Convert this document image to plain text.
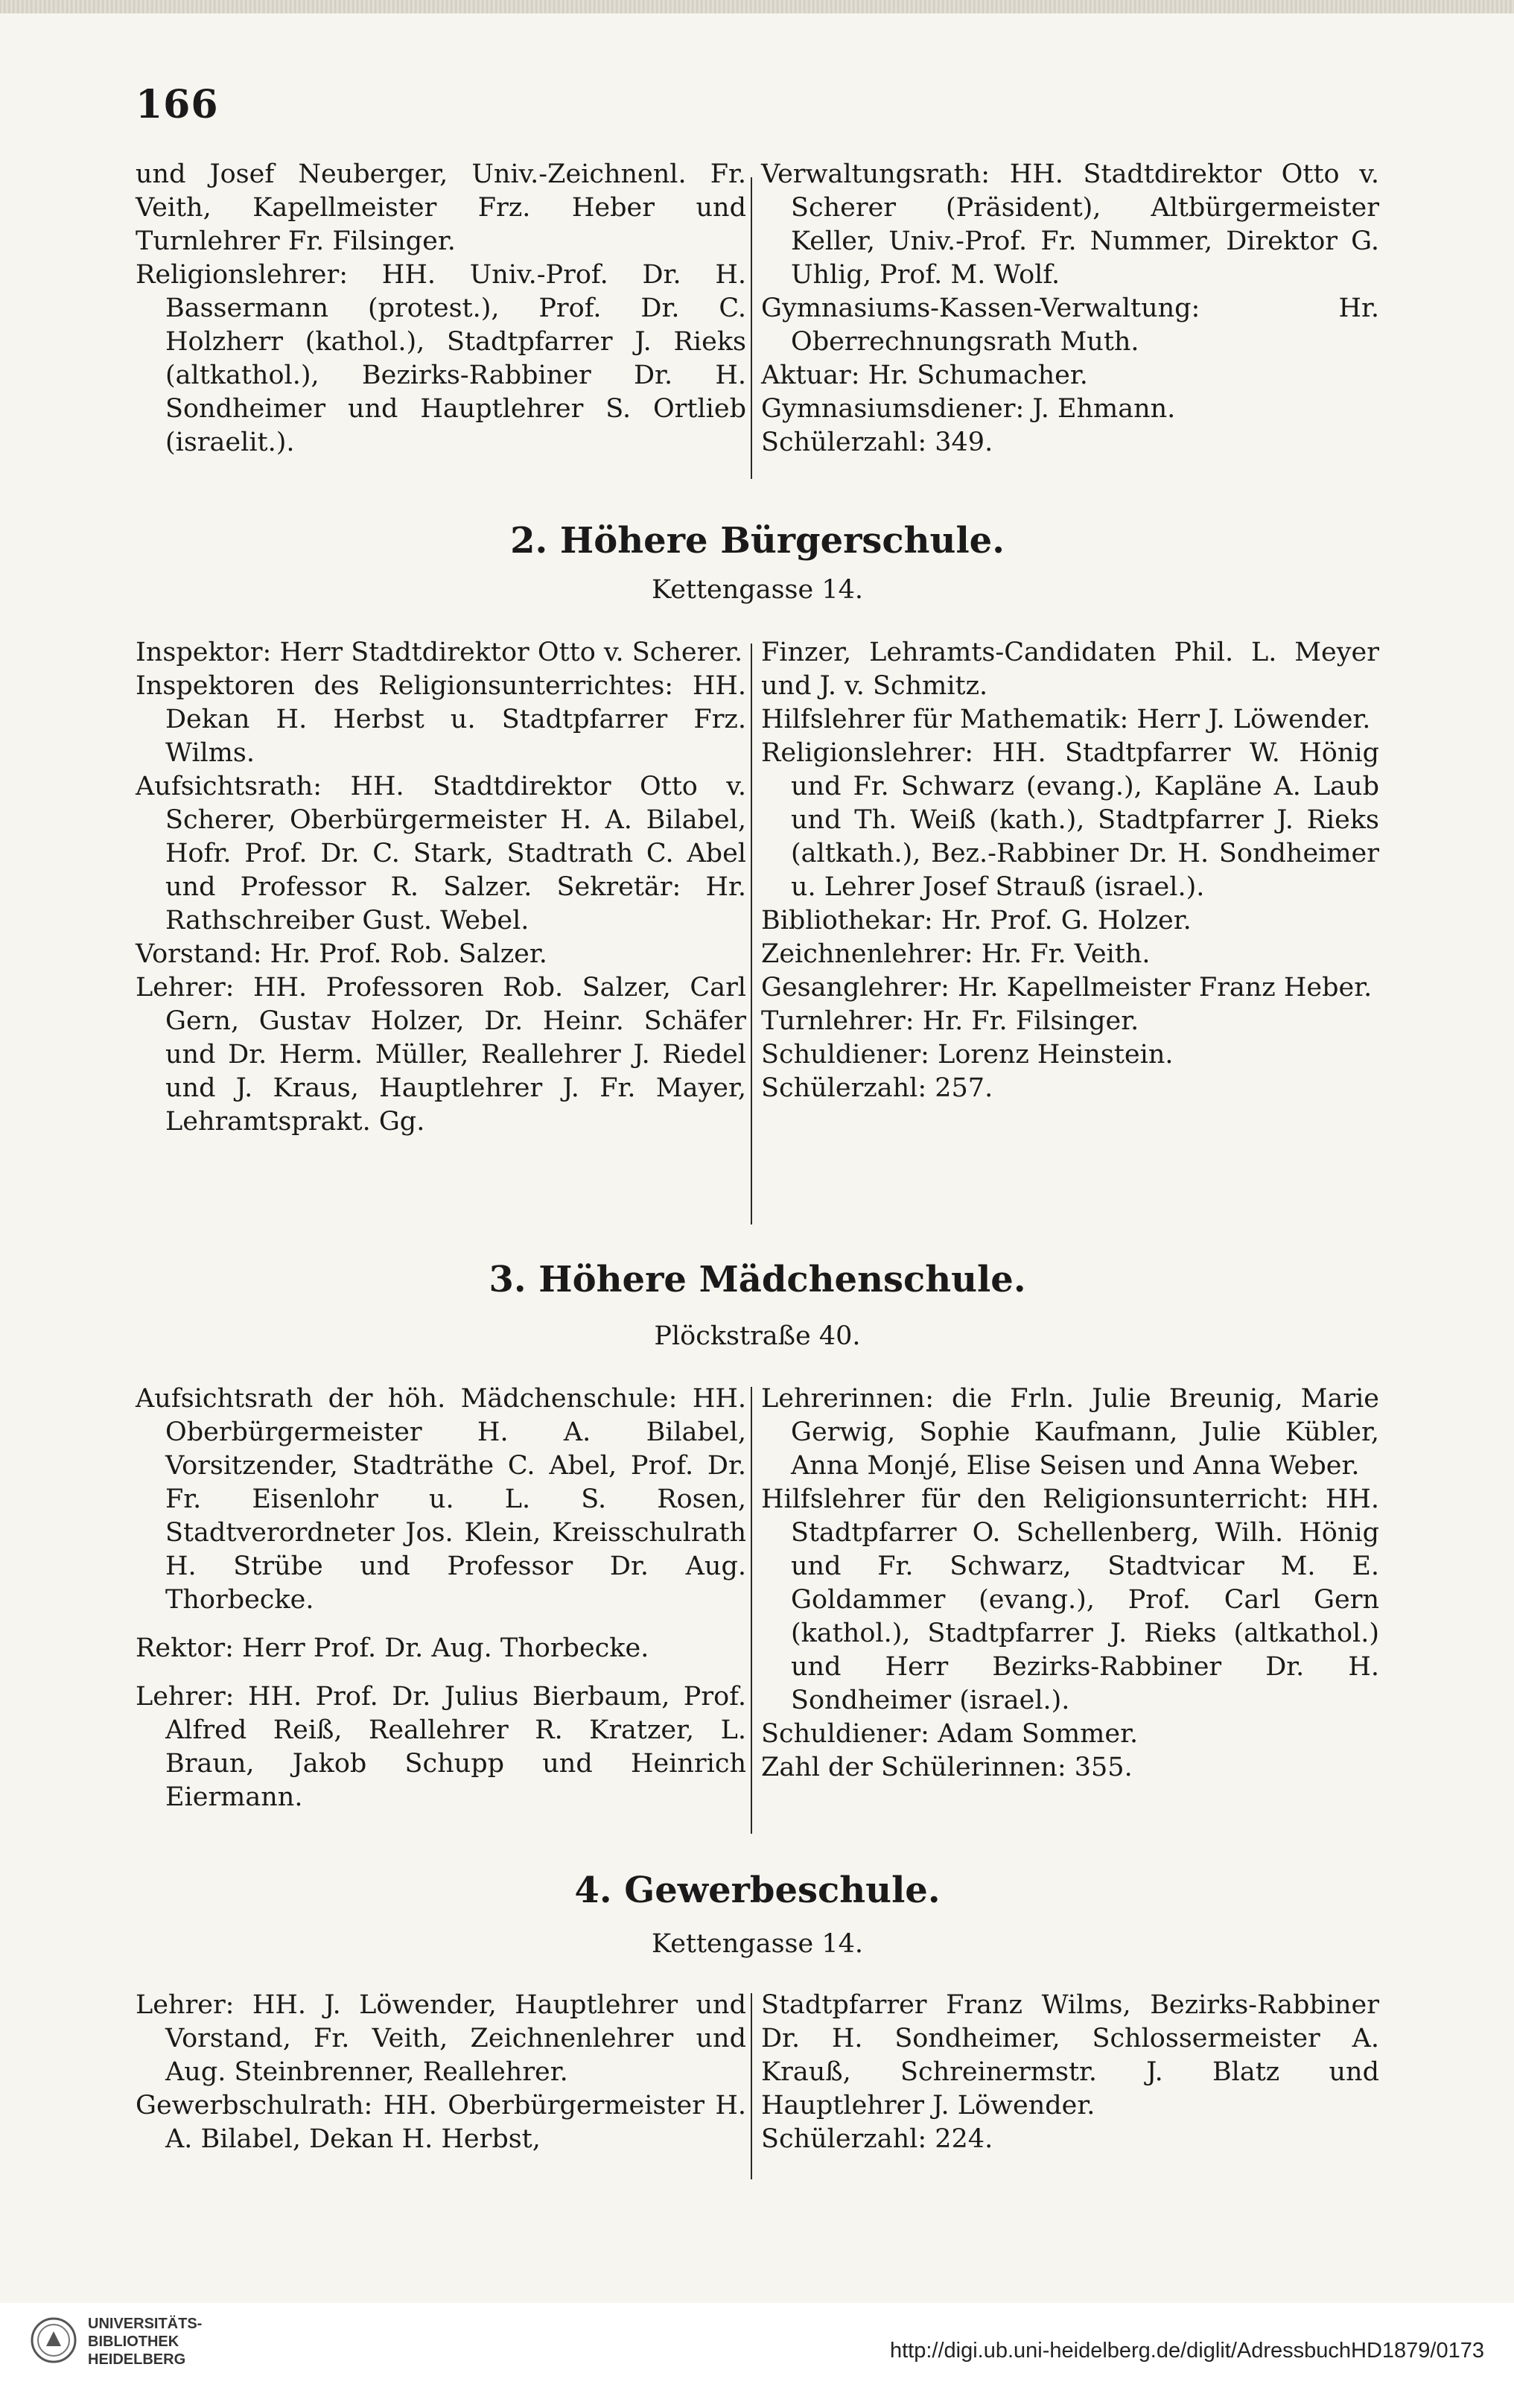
166

und Josef Neuberger, Univ.-Zeichnenl. Fr. Veith, Kapellmeister Frz. Heber und Turnlehrer Fr. Filsinger.

Religionslehrer: HH. Univ.-Prof. Dr. H. Bassermann (protest.), Prof. Dr. C. Holzherr (kathol.), Stadtpfarrer J. Rieks (altkathol.), Bezirks-Rabbiner Dr. H. Sondheimer und Hauptlehrer S. Ortlieb (israelit.).

Verwaltungsrath: HH. Stadtdirektor Otto v. Scherer (Präsident), Altbürgermeister Keller, Univ.-Prof. Fr. Nummer, Direktor G. Uhlig, Prof. M. Wolf.

Gymnasiums-Kassen-Verwaltung: Hr. Oberrechnungsrath Muth.

Aktuar: Hr. Schumacher.

Gymnasiumsdiener: J. Ehmann.

Schülerzahl: 349.

2. Höhere Bürgerschule.
Kettengasse 14.

Inspektor: Herr Stadtdirektor Otto v. Scherer.

Inspektoren des Religionsunterrichtes: HH. Dekan H. Herbst u. Stadtpfarrer Frz. Wilms.

Aufsichtsrath: HH. Stadtdirektor Otto v. Scherer, Oberbürgermeister H. A. Bilabel, Hofr. Prof. Dr. C. Stark, Stadtrath C. Abel und Professor R. Salzer. Sekretär: Hr. Rathschreiber Gust. Webel.

Vorstand: Hr. Prof. Rob. Salzer.

Lehrer: HH. Professoren Rob. Salzer, Carl Gern, Gustav Holzer, Dr. Heinr. Schäfer und Dr. Herm. Müller, Reallehrer J. Riedel und J. Kraus, Hauptlehrer J. Fr. Mayer, Lehramtsprakt. Gg.

Finzer, Lehramts-Candidaten Phil. L. Meyer und J. v. Schmitz.

Hilfslehrer für Mathematik: Herr J. Löwender.

Religionslehrer: HH. Stadtpfarrer W. Hönig und Fr. Schwarz (evang.), Kapläne A. Laub und Th. Weiß (kath.), Stadtpfarrer J. Rieks (altkath.), Bez.-Rabbiner Dr. H. Sondheimer u. Lehrer Josef Strauß (israel.).

Bibliothekar: Hr. Prof. G. Holzer.

Zeichnenlehrer: Hr. Fr. Veith.

Gesanglehrer: Hr. Kapellmeister Franz Heber.

Turnlehrer: Hr. Fr. Filsinger.

Schuldiener: Lorenz Heinstein.

Schülerzahl: 257.

3. Höhere Mädchenschule.
Plöckstraße 40.

Aufsichtsrath der höh. Mädchenschule: HH. Oberbürgermeister H. A. Bilabel, Vorsitzender, Stadträthe C. Abel, Prof. Dr. Fr. Eisenlohr u. L. S. Rosen, Stadtverordneter Jos. Klein, Kreisschulrath H. Strübe und Professor Dr. Aug. Thorbecke.

Rektor: Herr Prof. Dr. Aug. Thorbecke.

Lehrer: HH. Prof. Dr. Julius Bierbaum, Prof. Alfred Reiß, Reallehrer R. Kratzer, L. Braun, Jakob Schupp und Heinrich Eiermann.

Lehrerinnen: die Frln. Julie Breunig, Marie Gerwig, Sophie Kaufmann, Julie Kübler, Anna Monjé, Elise Seisen und Anna Weber.

Hilfslehrer für den Religionsunterricht: HH. Stadtpfarrer O. Schellenberg, Wilh. Hönig und Fr. Schwarz, Stadtvicar M. E. Goldammer (evang.), Prof. Carl Gern (kathol.), Stadtpfarrer J. Rieks (altkathol.) und Herr Bezirks-Rabbiner Dr. H. Sondheimer (israel.).

Schuldiener: Adam Sommer.

Zahl der Schülerinnen: 355.

4. Gewerbeschule.
Kettengasse 14.

Lehrer: HH. J. Löwender, Hauptlehrer und Vorstand, Fr. Veith, Zeichnenlehrer und Aug. Steinbrenner, Reallehrer.

Gewerbschulrath: HH. Oberbürgermeister H. A. Bilabel, Dekan H. Herbst,

Stadtpfarrer Franz Wilms, Bezirks-Rabbiner Dr. H. Sondheimer, Schlossermeister A. Krauß, Schreinermstr. J. Blatz und Hauptlehrer J. Löwender.

Schülerzahl: 224.

UNIVERSITÄTS-
BIBLIOTHEK
HEIDELBERG	http://digi.ub.uni-heidelberg.de/diglit/AdressbuchHD1879/0173
